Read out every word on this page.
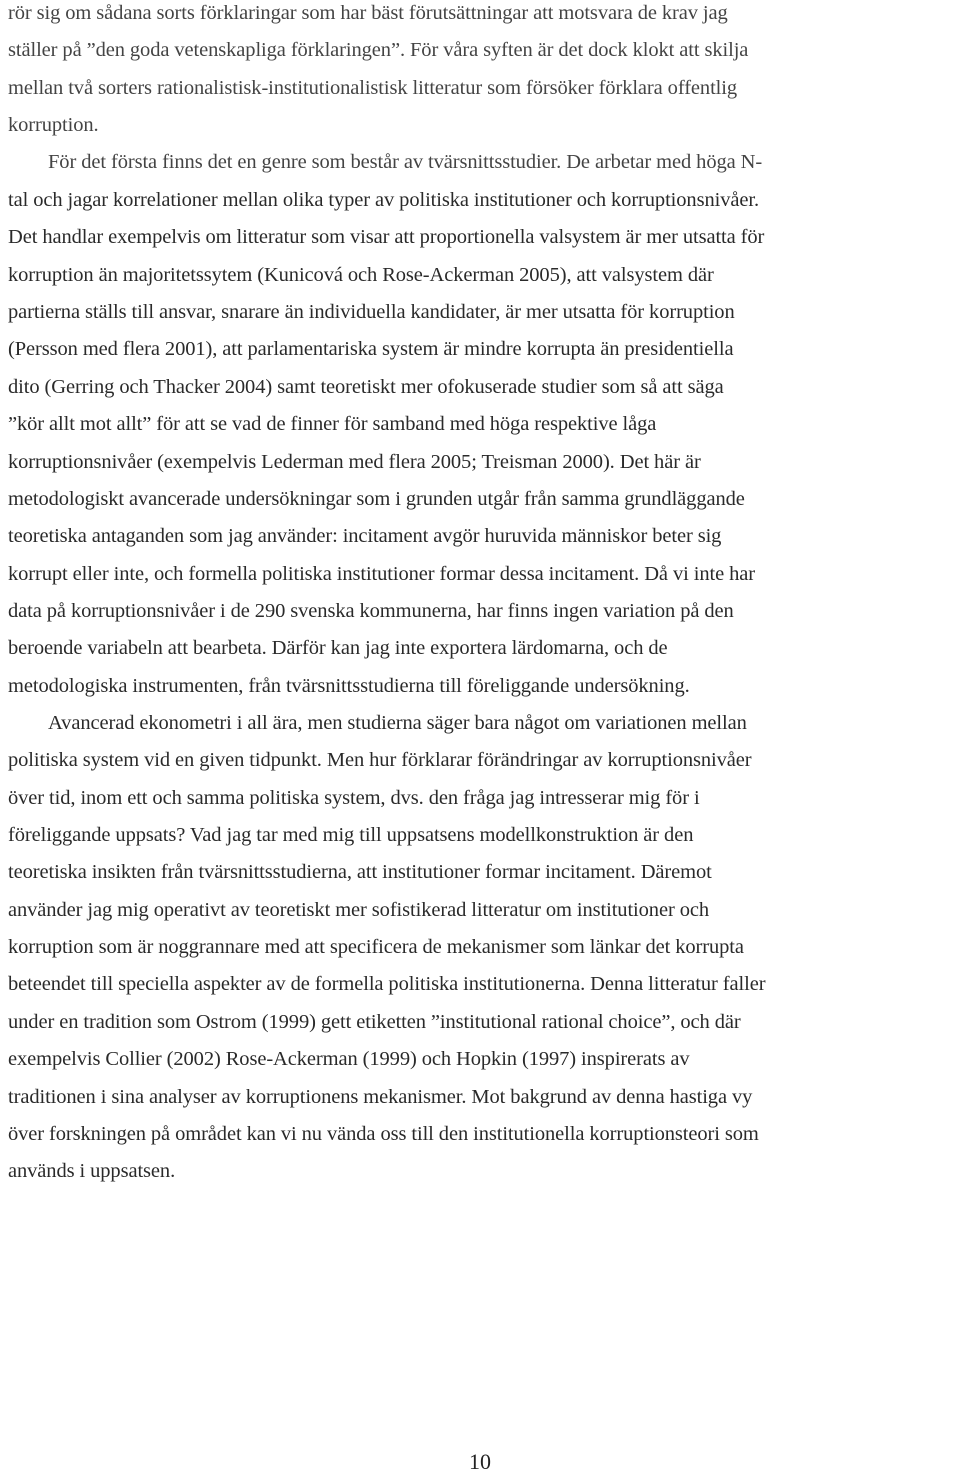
rör sig om sådana sorts förklaringar som har bäst förutsättningar att motsvara de krav jag
ställer på ”den goda vetenskapliga förklaringen”. För våra syften är det dock klokt att skilja
mellan två sorters rationalistisk-institutionalistisk litteratur som försöker förklara offentlig
korruption.
För det första finns det en genre som består av tvärsnittsstudier. De arbetar med höga N-
tal och jagar korrelationer mellan olika typer av politiska institutioner och korruptionsnivåer.
Det handlar exempelvis om litteratur som visar att proportionella valsystem är mer utsatta för
korruption än majoritetssytem (Kunicová och Rose-Ackerman 2005), att valsystem där
partierna ställs till ansvar, snarare än individuella kandidater, är mer utsatta för korruption
(Persson med flera 2001), att parlamentariska system är mindre korrupta än presidentiella
dito (Gerring och Thacker 2004) samt teoretiskt mer ofokuserade studier som så att säga
”kör allt mot allt” för att se vad de finner för samband med höga respektive låga
korruptionsnivåer (exempelvis Lederman med flera 2005; Treisman 2000). Det här är
metodologiskt avancerade undersökningar som i grunden utgår från samma grundläggande
teoretiska antaganden som jag använder: incitament avgör huruvida människor beter sig
korrupt eller inte, och formella politiska institutioner formar dessa incitament. Då vi inte har
data på korruptionsnivåer i de 290 svenska kommunerna, har finns ingen variation på den
beroende variabeln att bearbeta. Därför kan jag inte exportera lärdomarna, och de
metodologiska instrumenten, från tvärsnittsstudierna till föreliggande undersökning.
Avancerad ekonometri i all ära, men studierna säger bara något om variationen mellan
politiska system vid en given tidpunkt. Men hur förklarar förändringar av korruptionsnivåer
över tid, inom ett och samma politiska system, dvs. den fråga jag intresserar mig för i
föreliggande uppsats? Vad jag tar med mig till uppsatsens modellkonstruktion är den
teoretiska insikten från tvärsnittsstudierna, att institutioner formar incitament. Däremot
använder jag mig operativt av teoretiskt mer sofistikerad litteratur om institutioner och
korruption som är noggrannare med att specificera de mekanismer som länkar det korrupta
beteendet till speciella aspekter av de formella politiska institutionerna. Denna litteratur faller
under en tradition som Ostrom (1999) gett etiketten ”institutional rational choice”, och där
exempelvis Collier (2002) Rose-Ackerman (1999) och Hopkin (1997) inspirerats av
traditionen i sina analyser av korruptionens mekanismer. Mot bakgrund av denna hastiga vy
över forskningen på området kan vi nu vända oss till den institutionella korruptionsteori som
används i uppsatsen.
10
